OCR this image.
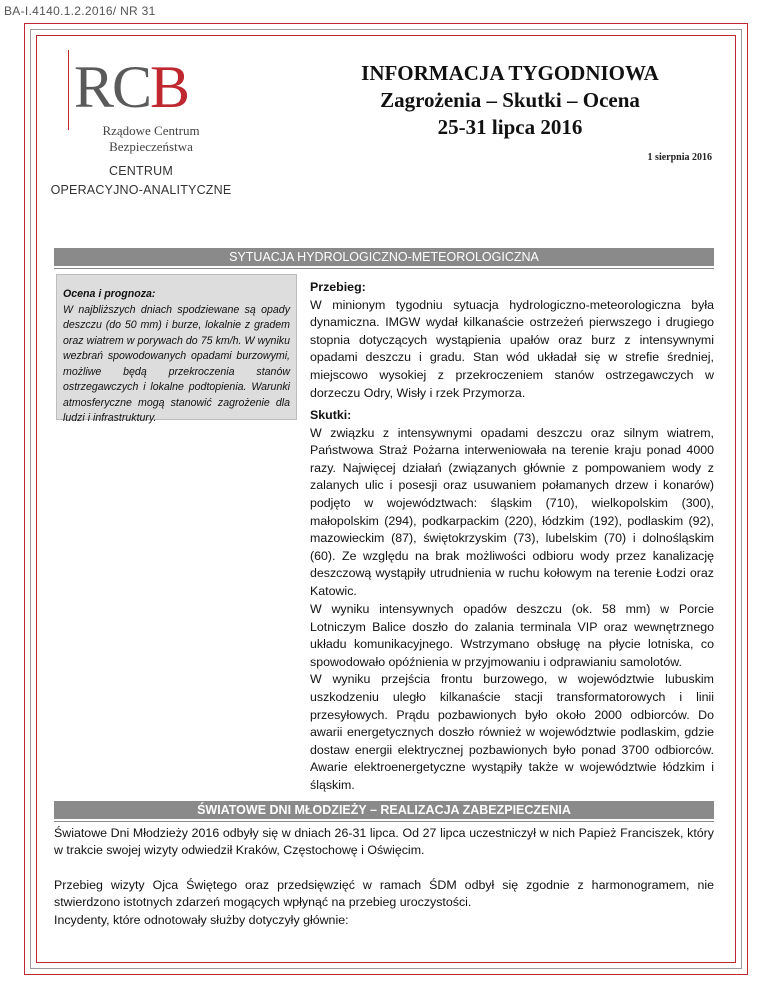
BA-I.4140.1.2.2016/ NR 31
RCB
Rządowe Centrum
Bezpieczeństwa
CENTRUM
OPERACYJNO-ANALITYCZNE
INFORMACJA TYGODNIOWA
Zagrożenia – Skutki – Ocena
25-31 lipca 2016
1 sierpnia 2016
SYTUACJA HYDROLOGICZNO-METEOROLOGICZNA
Ocena i prognoza:
W najbliższych dniach spodziewane są opady deszczu (do 50 mm) i burze, lokalnie z gradem oraz wiatrem w porywach do 75 km/h. W wyniku wezbrań spowodowanych opadami burzowymi, możliwe będą przekroczenia stanów ostrzegawczych i lokalne podtopienia. Warunki atmosferyczne mogą stanowić zagrożenie dla ludzi i infrastruktury.
Przebieg:
W minionym tygodniu sytuacja hydrologiczno-meteorologiczna była dynamiczna. IMGW wydał kilkanaście ostrzeżeń pierwszego i drugiego stopnia dotyczących wystąpienia upałów oraz burz z intensywnymi opadami deszczu i gradu. Stan wód układał się w strefie średniej, miejscowo wysokiej z przekroczeniem stanów ostrzegawczych w dorzeczu Odry, Wisły i rzek Przymorza.
Skutki:
W związku z intensywnymi opadami deszczu oraz silnym wiatrem, Państwowa Straż Pożarna interweniowała na terenie kraju ponad 4000 razy. Najwięcej działań (związanych głównie z pompowaniem wody z zalanych ulic i posesji oraz usuwaniem połamanych drzew i konarów) podjęto w województwach: śląskim (710), wielkopolskim (300), małopolskim (294), podkarpackim (220), łódzkim (192), podlaskim (92), mazowieckim (87), świętokrzyskim (73), lubelskim (70) i dolnośląskim (60). Ze względu na brak możliwości odbioru wody przez kanalizację deszczową wystąpiły utrudnienia w ruchu kołowym na terenie Łodzi oraz Katowic.
W wyniku intensywnych opadów deszczu (ok. 58 mm) w Porcie Lotniczym Balice doszło do zalania terminala VIP oraz wewnętrznego układu komunikacyjnego. Wstrzymano obsługę na płycie lotniska, co spowodowało opóźnienia w przyjmowaniu i odprawianiu samolotów.
W wyniku przejścia frontu burzowego, w województwie lubuskim uszkodzeniu uległo kilkanaście stacji transformatorowych i linii przesyłowych. Prądu pozbawionych było około 2000 odbiorców. Do awarii energetycznych doszło również w województwie podlaskim, gdzie dostaw energii elektrycznej pozbawionych było ponad 3700 odbiorców. Awarie elektroenergetyczne wystąpiły także w województwie łódzkim i śląskim.
ŚWIATOWE DNI MŁODZIEŻY – REALIZACJA ZABEZPIECZENIA
Światowe Dni Młodzieży 2016 odbyły się w dniach 26-31 lipca. Od 27 lipca uczestniczył w nich Papież Franciszek, który w trakcie swojej wizyty odwiedził Kraków, Częstochowę i Oświęcim.
Przebieg wizyty Ojca Świętego oraz przedsięwzięć w ramach ŚDM odbył się zgodnie z harmonogramem, nie stwierdzono istotnych zdarzeń mogących wpłynąć na przebieg uroczystości.
Incydenty, które odnotowały służby dotyczyły głównie:
